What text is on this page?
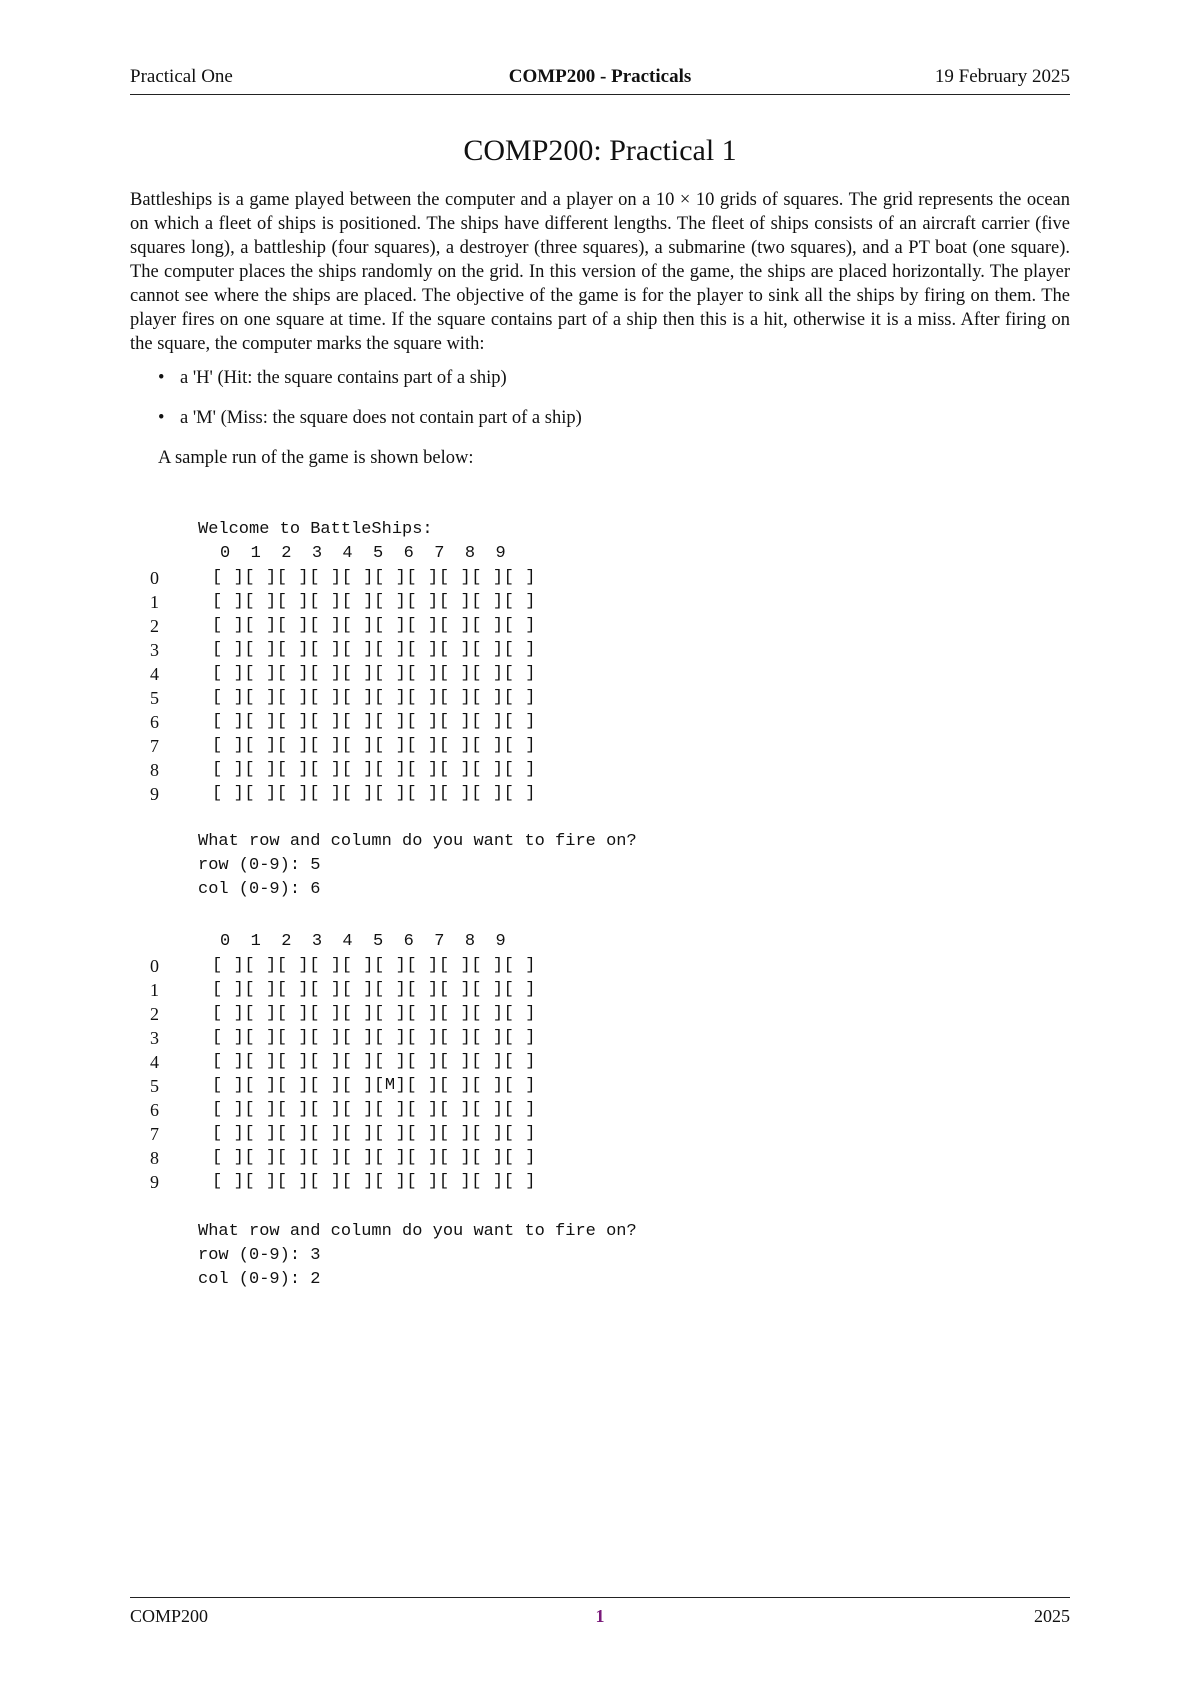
Practical One	COMP200 - Practicals	19 February 2025
COMP200: Practical 1

Battleships is a game played between the computer and a player on a 10 × 10 grids of squares. The grid represents the ocean on which a fleet of ships is positioned. The ships have different lengths. The fleet of ships consists of an aircraft carrier (five squares long), a battleship (four squares), a destroyer (three squares), a submarine (two squares), and a PT boat (one square). The computer places the ships randomly on the grid. In this version of the game, the ships are placed horizontally. The player cannot see where the ships are placed. The objective of the game is for the player to sink all the ships by firing on them. The player fires on one square at time. If the square contains part of a ship then this is a hit, otherwise it is a miss. After firing on the square, the computer marks the square with:

• a 'H' (Hit: the square contains part of a ship)
• a 'M' (Miss: the square does not contain part of a ship)

A sample run of the game is shown below:

Welcome to BattleShips:
0  1  2  3  4  5  6  7  8  9
0	[ ][ ][ ][ ][ ][ ][ ][ ][ ][ ]
1	[ ][ ][ ][ ][ ][ ][ ][ ][ ][ ]
2	[ ][ ][ ][ ][ ][ ][ ][ ][ ][ ]
3	[ ][ ][ ][ ][ ][ ][ ][ ][ ][ ]
4	[ ][ ][ ][ ][ ][ ][ ][ ][ ][ ]
5	[ ][ ][ ][ ][ ][ ][ ][ ][ ][ ]
6	[ ][ ][ ][ ][ ][ ][ ][ ][ ][ ]
7	[ ][ ][ ][ ][ ][ ][ ][ ][ ][ ]
8	[ ][ ][ ][ ][ ][ ][ ][ ][ ][ ]
9	[ ][ ][ ][ ][ ][ ][ ][ ][ ][ ]
What row and column do you want to fire on?
row (0-9): 5
col (0-9): 6
0  1  2  3  4  5  6  7  8  9
0	[ ][ ][ ][ ][ ][ ][ ][ ][ ][ ]
1	[ ][ ][ ][ ][ ][ ][ ][ ][ ][ ]
2	[ ][ ][ ][ ][ ][ ][ ][ ][ ][ ]
3	[ ][ ][ ][ ][ ][ ][ ][ ][ ][ ]
4	[ ][ ][ ][ ][ ][ ][ ][ ][ ][ ]
5	[ ][ ][ ][ ][ ][M][ ][ ][ ][ ]
6	[ ][ ][ ][ ][ ][ ][ ][ ][ ][ ]
7	[ ][ ][ ][ ][ ][ ][ ][ ][ ][ ]
8	[ ][ ][ ][ ][ ][ ][ ][ ][ ][ ]
9	[ ][ ][ ][ ][ ][ ][ ][ ][ ][ ]
What row and column do you want to fire on?
row (0-9): 3
col (0-9): 2
COMP200	1	2025
